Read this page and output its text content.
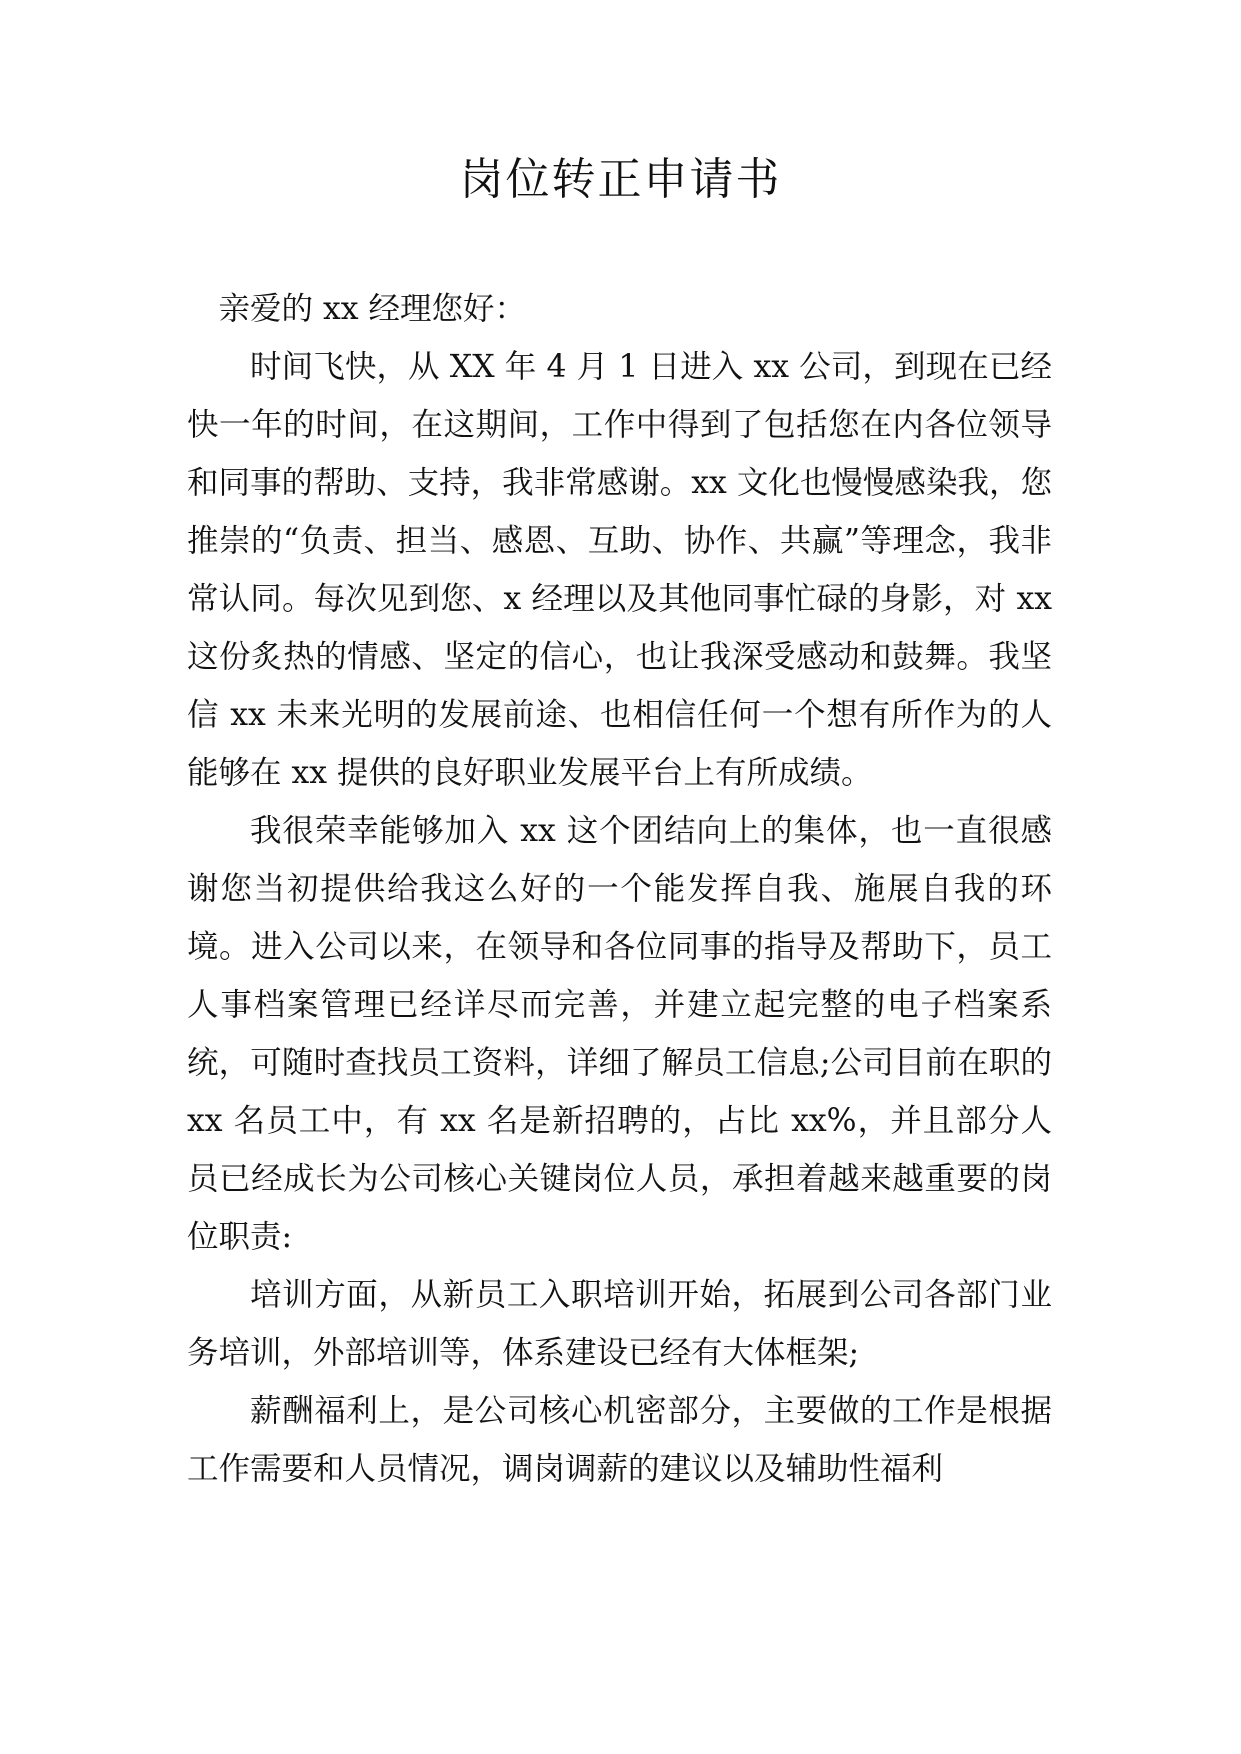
岗位转正申请书

亲爱的 xx 经理您好：

时间飞快，从 XX 年 4 月 1 日进入 xx 公司，到现在已经快一年的时间，在这期间，工作中得到了包括您在内各位领导和同事的帮助、支持，我非常感谢。xx 文化也慢慢感染我，您推崇的“负责、担当、感恩、互助、协作、共赢”等理念，我非常认同。每次见到您、x 经理以及其他同事忙碌的身影，对 xx 这份炙热的情感、坚定的信心，也让我深受感动和鼓舞。我坚信 xx 未来光明的发展前途、也相信任何一个想有所作为的人能够在 xx 提供的良好职业发展平台上有所成绩。

我很荣幸能够加入 xx 这个团结向上的集体，也一直很感谢您当初提供给我这么好的一个能发挥自我、施展自我的环境。进入公司以来，在领导和各位同事的指导及帮助下，员工人事档案管理已经详尽而完善，并建立起完整的电子档案系统，可随时查找员工资料，详细了解员工信息;公司目前在职的 xx 名员工中，有 xx 名是新招聘的，占比 xx%，并且部分人员已经成长为公司核心关键岗位人员，承担着越来越重要的岗位职责:

培训方面，从新员工入职培训开始，拓展到公司各部门业务培训，外部培训等，体系建设已经有大体框架;

薪酬福利上，是公司核心机密部分，主要做的工作是根据工作需要和人员情况，调岗调薪的建议以及辅助性福利
